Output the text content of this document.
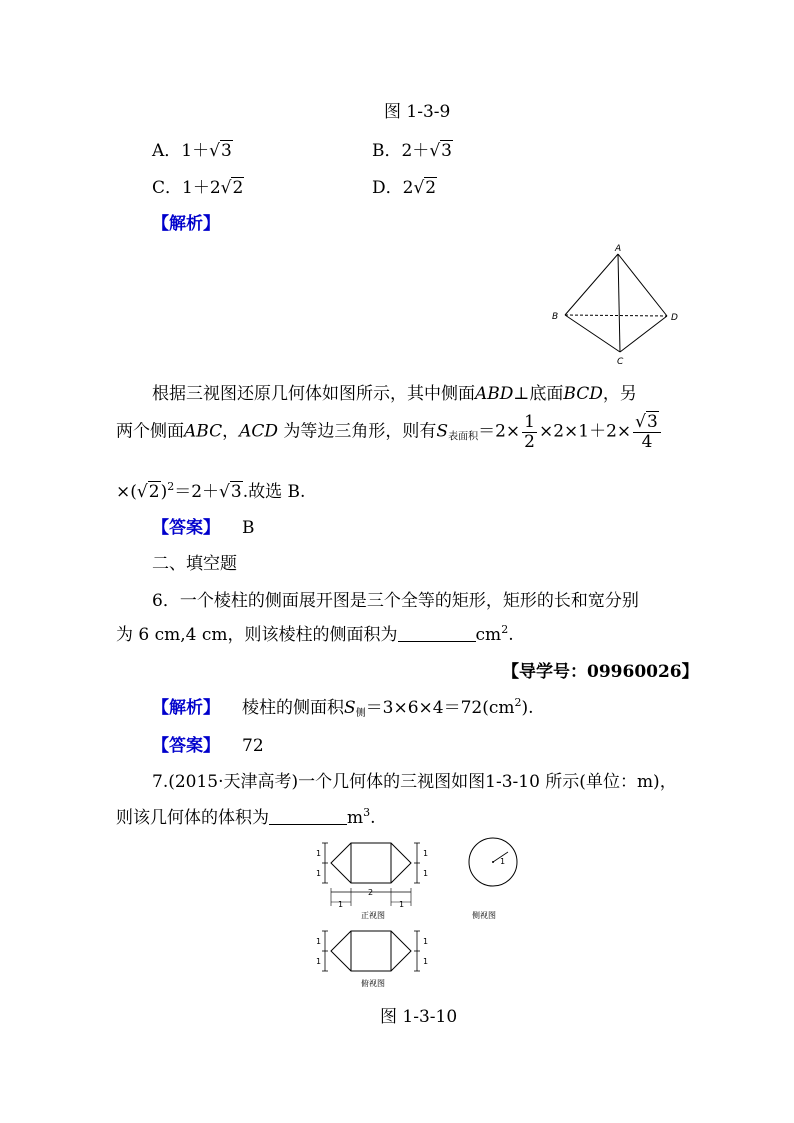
图 1-3-9
A．1＋√3	B．2＋√3
C．1＋2√2	D．2√2
【解析】
A
B
C
D
根据三视图还原几何体如图所示，其中侧面ABD⊥底面BCD，另
两个侧面ABC，ACD 为等边三角形，则有$S_{表面积}=2\times \frac{1}{2} \times 2\times 1+2\times \frac{√3}{4}$
$\times(√2)^2=2+√3$.故选 B.
【答案】 B
二、填空题
6．一个棱柱的侧面展开图是三个全等的矩形，矩形的长和宽分别
为 6 cm,4 cm，则该棱柱的侧面积为	$cm^2$.
【导学号：09960026】
【解析】 棱柱的侧面积$S_侧=3\times 6\times 4=72(cm^2)$.
【答案】 72
7.(2015·天津高考)一个几何体的三视图如图1-3-10 所示(单位：m)，
则该几何体的体积为	$m^3$.
1
1
1
1
2
1	1
正视图
1
侧视图
1
1
1
1
俯视图
图 1-3-10
